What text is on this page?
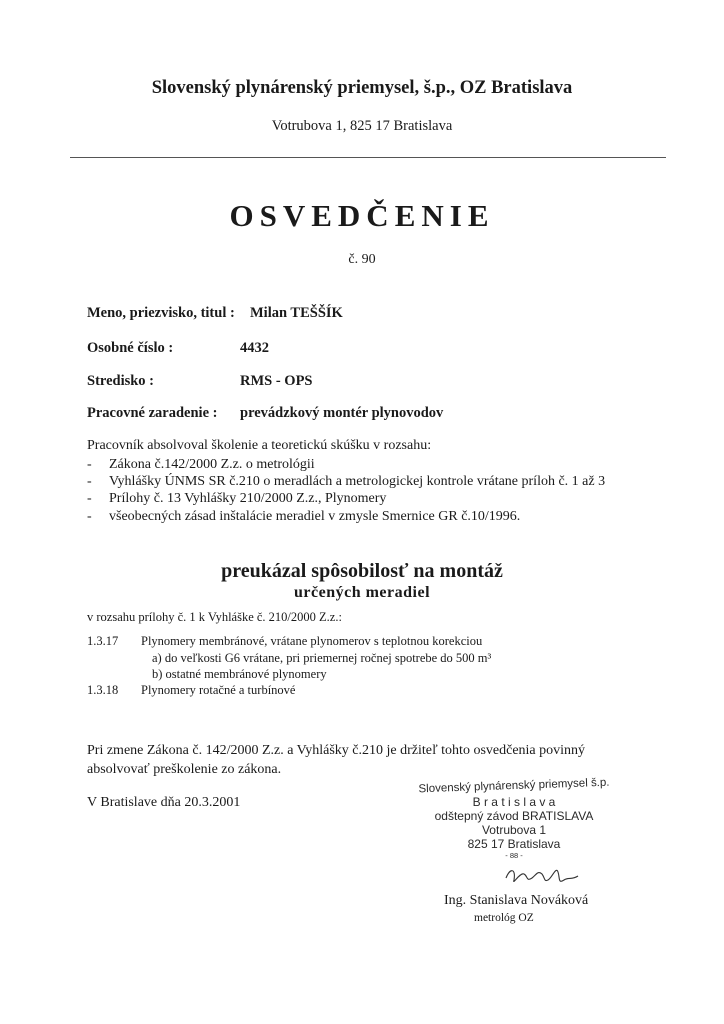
Slovenský plynárenský priemysel, š.p., OZ Bratislava
Votrubova 1, 825 17 Bratislava
OSVEDČENIE
č. 90
Meno, priezvisko, titul : Milan TEŠŠÍK
Osobné číslo :	4432
Stredisko :	RMS - OPS
Pracovné zaradenie : prevádzkový montér plynovodov
Pracovník absolvoval školenie a teoretickú skúšku v rozsahu:
- Zákona č.142/2000 Z.z. o metrológii
- Vyhlášky ÚNMS SR č.210 o meradlách a metrologickej kontrole vrátane príloh č. 1 až 3
- Prílohy č. 13 Vyhlášky 210/2000 Z.z., Plynomery
- všeobecných zásad inštalácie meradiel v zmysle Smernice GR č.10/1996.
preukázal spôsobilosť na montáž
určených meradiel
v rozsahu prílohy č. 1 k Vyhláške č. 210/2000 Z.z.:
1.3.17 Plynomery membránové, vrátane plynomerov s teplotnou korekciou
a) do veľkosti G6 vrátane, pri priemernej ročnej spotrebe do 500 m³
b) ostatné membránové plynomery
1.3.18 Plynomery rotačné a turbínové
Pri zmene Zákona č. 142/2000 Z.z. a Vyhlášky č.210 je držiteľ tohto osvedčenia povinný
absolvovať preškolenie zo zákona.
V Bratislave dňa 20.3.2001
Slovenský plynárenský priemysel š.p.
B r a t i s l a v a
odštepný závod BRATISLAVA
Votrubova 1
825 17 Bratislava
- 88 -
Ing. Stanislava Nováková
metrológ OZ
